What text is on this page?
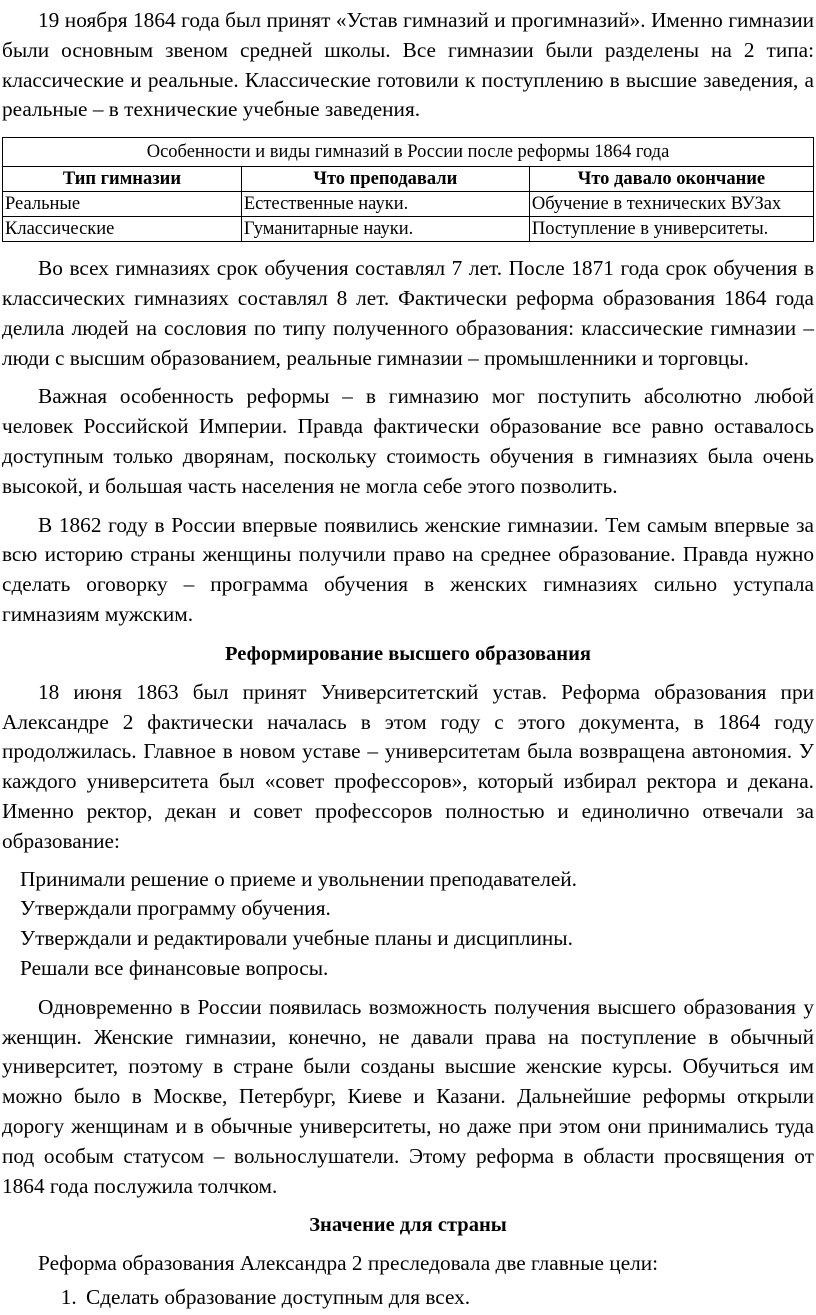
19 ноября 1864 года был принят «Устав гимназий и прогимназий». Именно гимназии были основным звеном средней школы. Все гимназии были разделены на 2 типа: классические и реальные. Классические готовили к поступлению в высшие заведения, а реальные – в технические учебные заведения.

Особенности и виды гимназий в России после реформы 1864 года		
Тип гимназии	Что преподавали	Что давало окончание
Реальные	Естественные науки.	Обучение в технических ВУЗах
Классические	Гуманитарные науки.	Поступление в университеты.

Во всех гимназиях срок обучения составлял 7 лет. После 1871 года срок обучения в классических гимназиях составлял 8 лет. Фактически реформа образования 1864 года делила людей на сословия по типу полученного образования: классические гимназии – люди с высшим образованием, реальные гимназии – промышленники и торговцы.

Важная особенность реформы – в гимназию мог поступить абсолютно любой человек Российской Империи. Правда фактически образование все равно оставалось доступным только дворянам, поскольку стоимость обучения в гимназиях была очень высокой, и большая часть населения не могла себе этого позволить.

В 1862 году в России впервые появились женские гимназии. Тем самым впервые за всю историю страны женщины получили право на среднее образование. Правда нужно сделать оговорку – программа обучения в женских гимназиях сильно уступала гимназиям мужским.

Реформирование высшего образования

18 июня 1863 был принят Университетский устав. Реформа образования при Александре 2 фактически началась в этом году с этого документа, в 1864 году продолжилась. Главное в новом уставе – университетам была возвращена автономия. У каждого университета был «совет профессоров», который избирал ректора и декана. Именно ректор, декан и совет профессоров полностью и единолично отвечали за образование:

Принимали решение о приеме и увольнении преподавателей.
Утверждали программу обучения.
Утверждали и редактировали учебные планы и дисциплины.
Решали все финансовые вопросы.

Одновременно в России появилась возможность получения высшего образования у женщин. Женские гимназии, конечно, не давали права на поступление в обычный университет, поэтому в стране были созданы высшие женские курсы. Обучиться им можно было в Москве, Петербург, Киеве и Казани. Дальнейшие реформы открыли дорогу женщинам и в обычные университеты, но даже при этом они принимались туда под особым статусом – вольнослушатели. Этому реформа в области просвящения от 1864 года послужила толчком.

Значение для страны

Реформа образования Александра 2 преследовала две главные цели:

1. Сделать образование доступным для всех.
